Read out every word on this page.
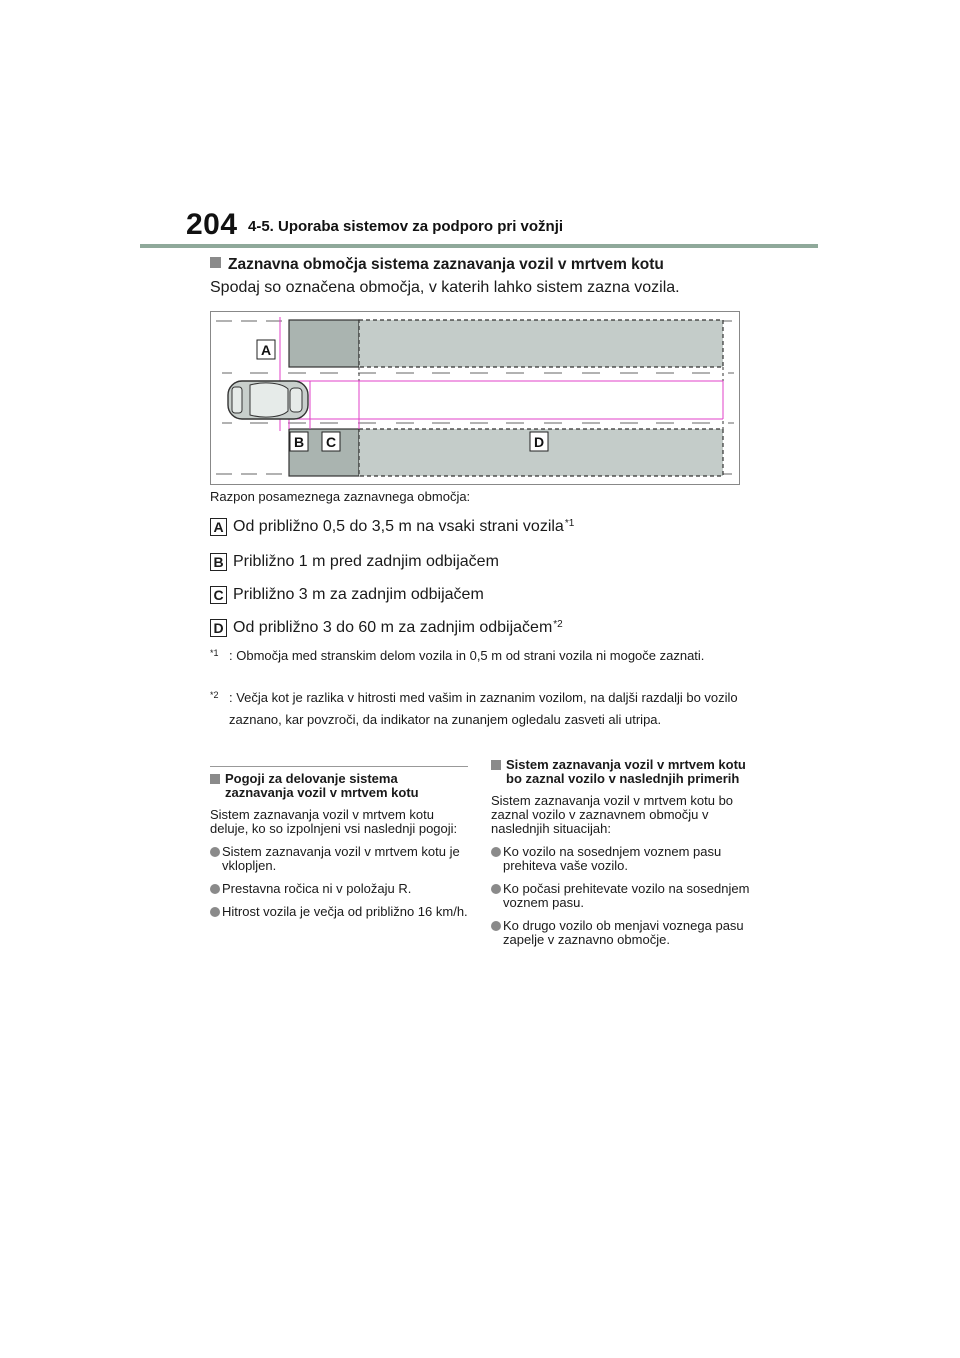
204 4-5. Uporaba sistemov za podporo pri vožnji
Zaznavna območja sistema zaznavanja vozil v mrtvem kotu
Spodaj so označena območja, v katerih lahko sistem zazna vozila.
A
B C	D
Razpon posameznega zaznavnega območja:
A Od približno 0,5 do 3,5 m na vsaki strani vozila$^{*1}$
B Približno 1 m pred zadnjim odbijačem
C Približno 3 m za zadnjim odbijačem
D Od približno 3 do 60 m za zadnjim odbijačem$^{*2}$
$^{*1}$ : Območja med stranskim delom vozila in 0,5 m od strani vozila ni mogoče zaznati.
$^{*2}$ : Večja kot je razlika v hitrosti med vašim in zaznanim vozilom, na daljši razdalji bo vozilo zaznano, kar povzroči, da indikator na zunanjem ogledalu zasveti ali utripa.
Pogoji za delovanje sistema zaznavanja vozil v mrtvem kotu

Sistem zaznavanja vozil v mrtvem kotu deluje, ko so izpolnjeni vsi naslednji pogoji:

Sistem zaznavanja vozil v mrtvem kotu je vklopljen.

Prestavna ročica ni v položaju R.

Hitrost vozila je večja od približno 16 km/h.

Sistem zaznavanja vozil v mrtvem kotu bo zaznal vozilo v naslednjih primerih

Sistem zaznavanja vozil v mrtvem kotu bo zaznal vozilo v zaznavnem območju v naslednjih situacijah:

Ko vozilo na sosednjem voznem pasu prehiteva vaše vozilo.

Ko počasi prehitevate vozilo na sosednjem voznem pasu.

Ko drugo vozilo ob menjavi voznega pasu zapelje v zaznavno območje.
